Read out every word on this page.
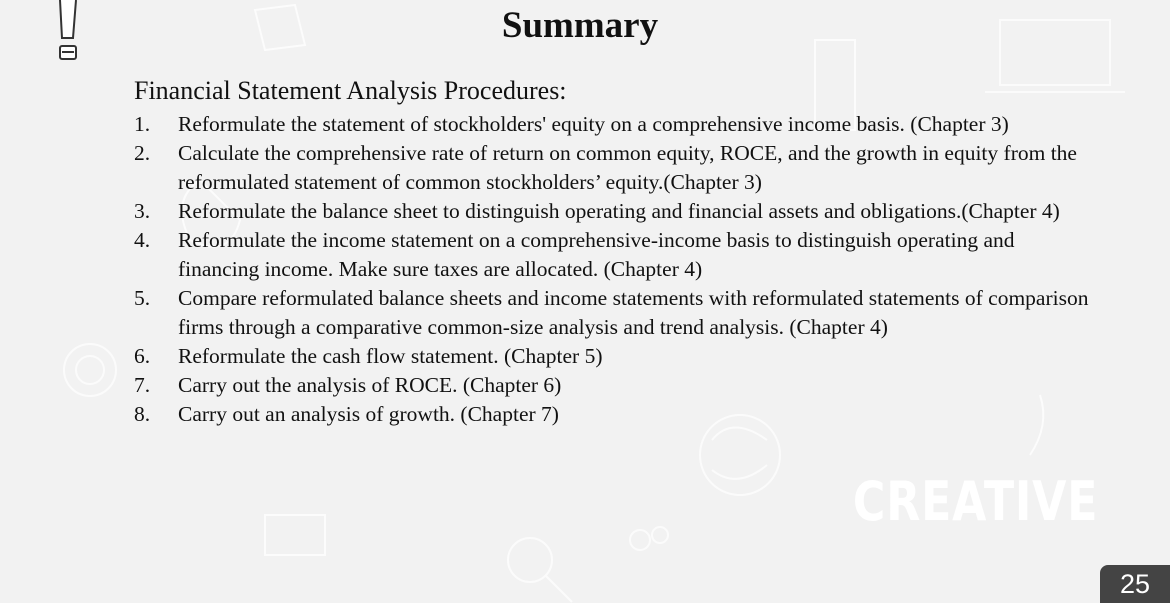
Summary
Financial Statement Analysis Procedures:
1.	Reformulate the statement of stockholders' equity on a comprehensive income basis. (Chapter 3)
2.	Calculate the comprehensive rate of return on common equity, ROCE, and the growth in equity from the reformulated statement of common stockholders’ equity.(Chapter 3)
3.	Reformulate the balance sheet to distinguish operating and financial assets and obligations.(Chapter 4)
4.	Reformulate the income statement on a comprehensive-income basis to distinguish operating and financing income. Make sure taxes are allocated. (Chapter 4)
5.	Compare reformulated balance sheets and income statements with reformulated statements of comparison firms through a comparative common-size analysis and trend analysis. (Chapter 4)
6.	Reformulate the cash flow statement. (Chapter 5)
7.	Carry out the analysis of ROCE. (Chapter 6)
8.	Carry out an analysis of growth. (Chapter 7)
CREATIVE
25
